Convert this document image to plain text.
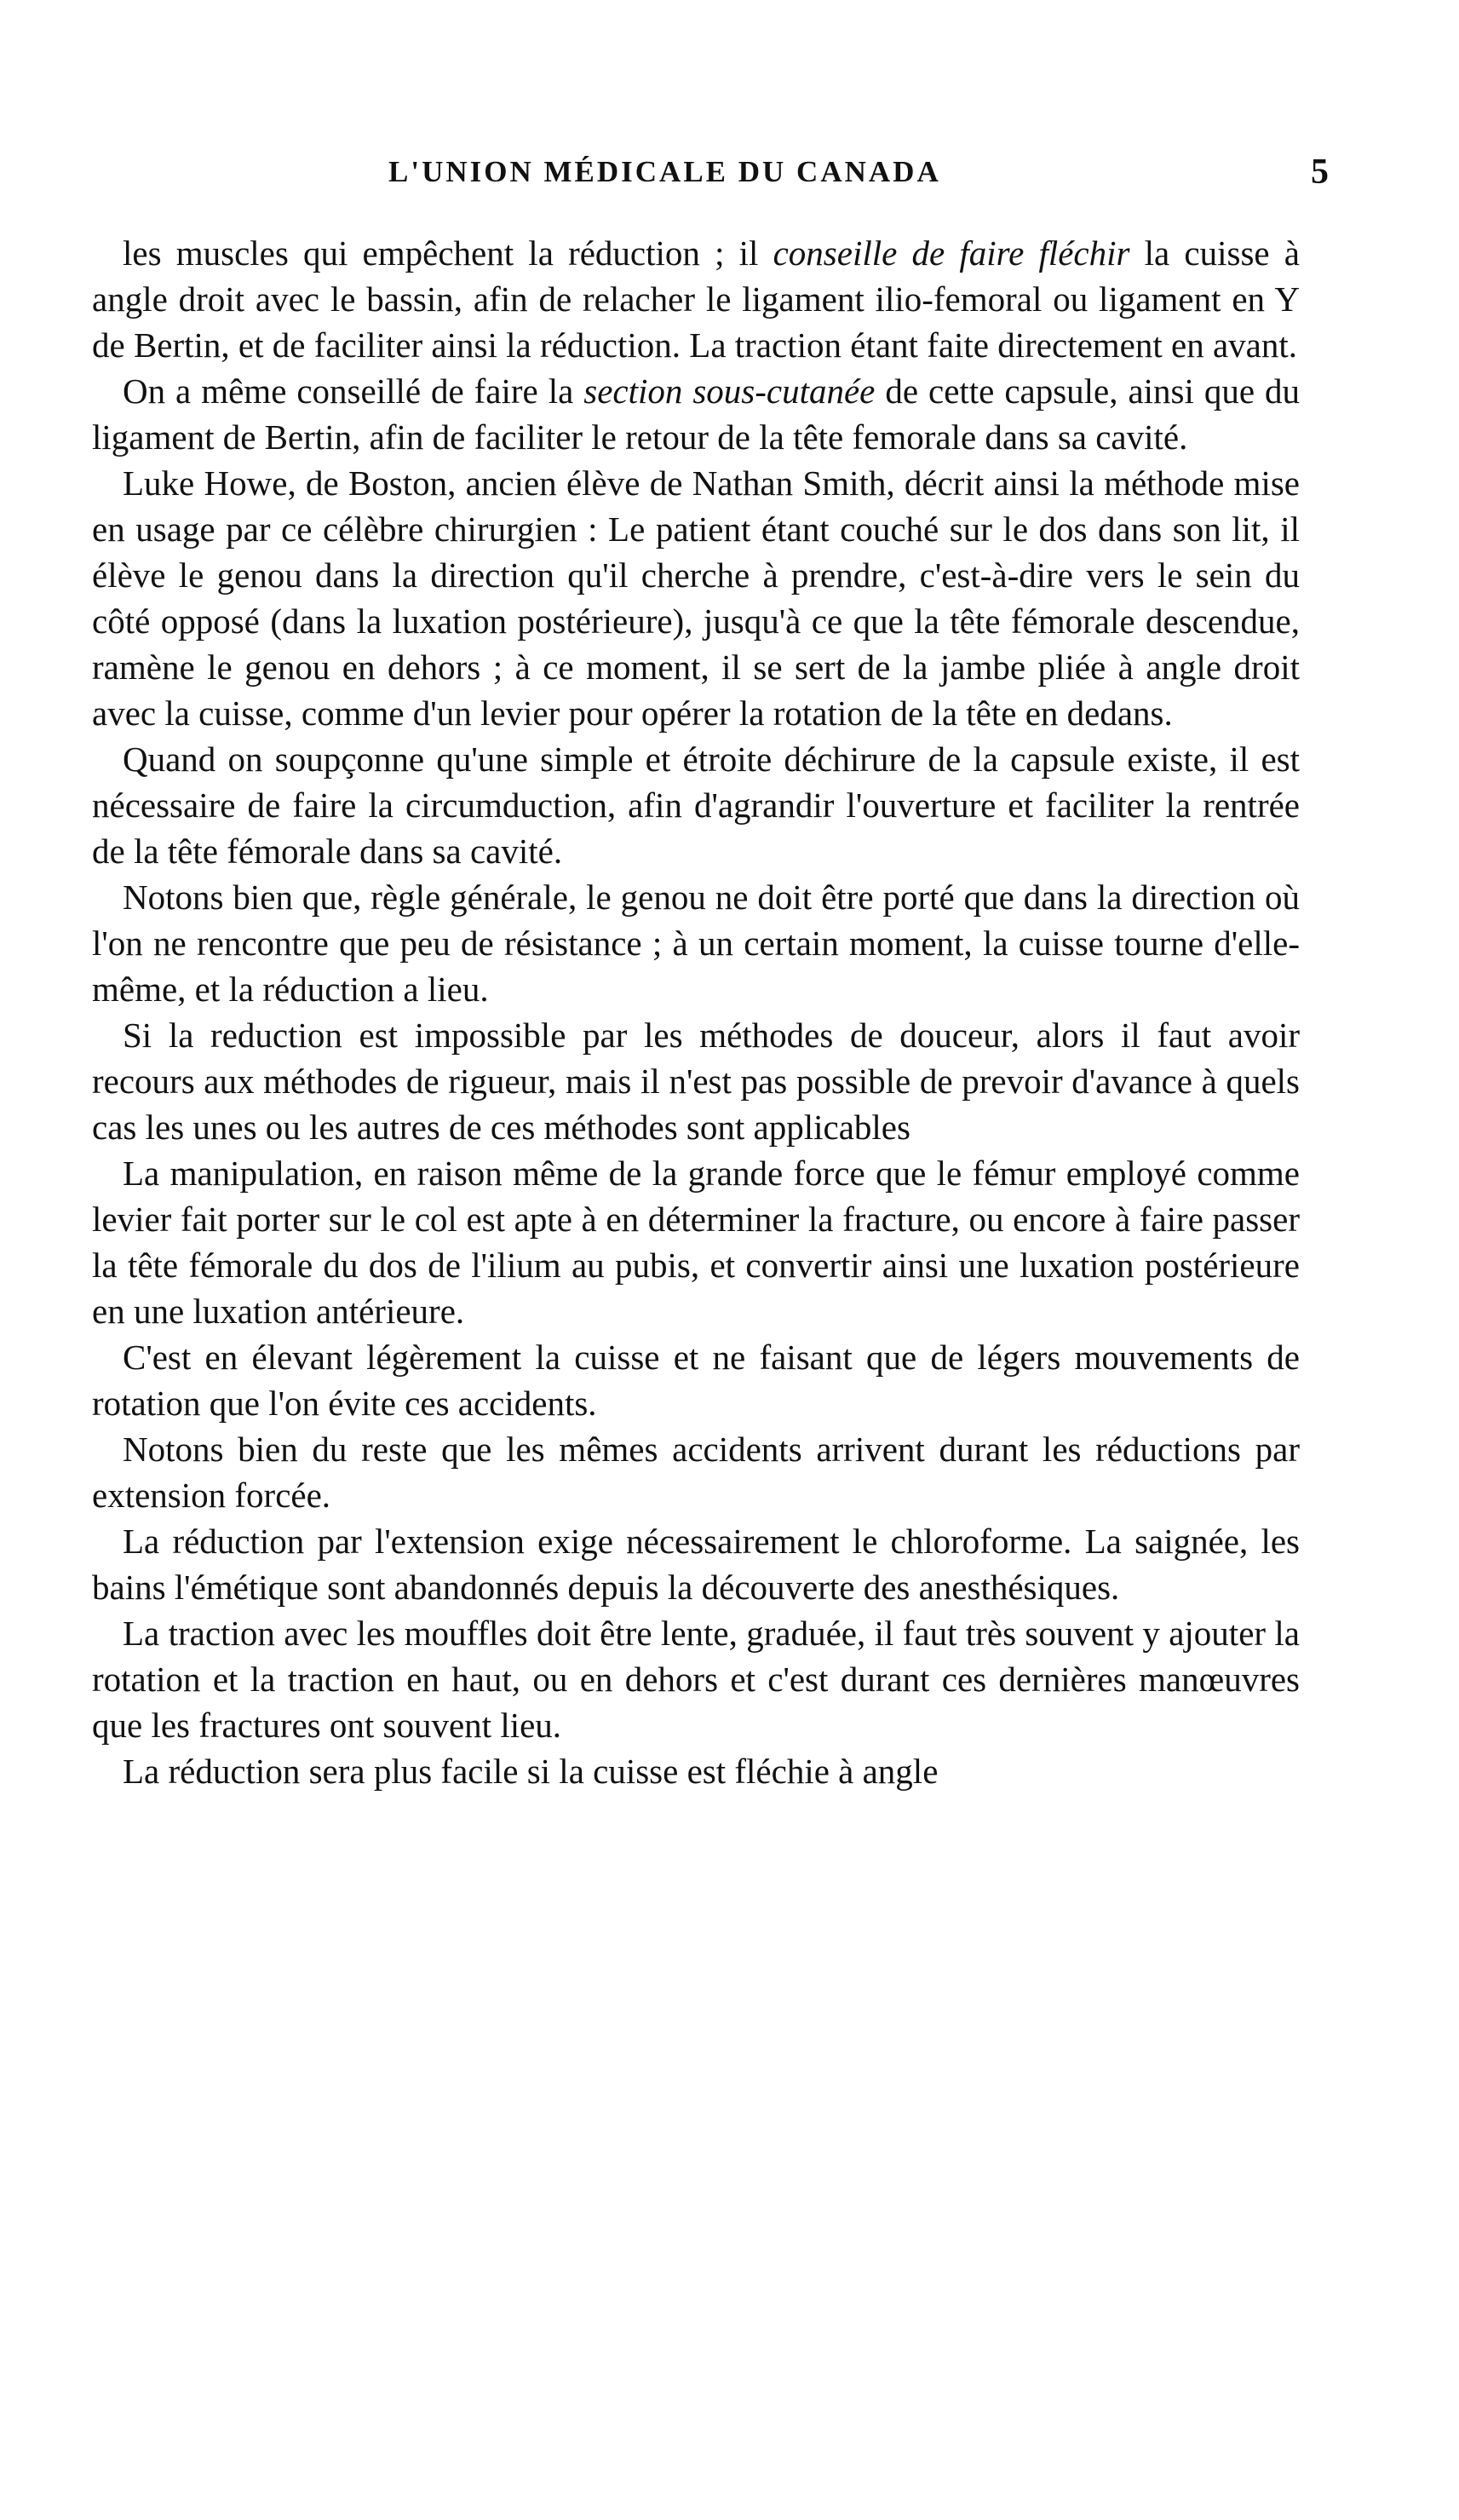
L'UNION MÉDICALE DU CANADA	5

les muscles qui empêchent la réduction ; il conseille de faire fléchir la cuisse à angle droit avec le bassin, afin de relacher le ligament ilio-femoral ou ligament en Y de Bertin, et de faciliter ainsi la réduction. La traction étant faite directement en avant.

On a même conseillé de faire la section sous-cutanée de cette capsule, ainsi que du ligament de Bertin, afin de faciliter le retour de la tête femorale dans sa cavité.

Luke Howe, de Boston, ancien élève de Nathan Smith, décrit ainsi la méthode mise en usage par ce célèbre chirurgien : Le patient étant couché sur le dos dans son lit, il élève le genou dans la direction qu'il cherche à prendre, c'est-à-dire vers le sein du côté opposé (dans la luxation postérieure), jusqu'à ce que la tête fémorale descendue, ramène le genou en dehors ; à ce moment, il se sert de la jambe pliée à angle droit avec la cuisse, comme d'un levier pour opérer la rotation de la tête en dedans.

Quand on soupçonne qu'une simple et étroite déchirure de la capsule existe, il est nécessaire de faire la circumduction, afin d'agrandir l'ouverture et faciliter la rentrée de la tête fémorale dans sa cavité.

Notons bien que, règle générale, le genou ne doit être porté que dans la direction où l'on ne rencontre que peu de résistance ; à un certain moment, la cuisse tourne d'elle-même, et la réduction a lieu.

Si la reduction est impossible par les méthodes de douceur, alors il faut avoir recours aux méthodes de rigueur, mais il n'est pas possible de prevoir d'avance à quels cas les unes ou les autres de ces méthodes sont applicables

La manipulation, en raison même de la grande force que le fémur employé comme levier fait porter sur le col est apte à en déterminer la fracture, ou encore à faire passer la tête fémorale du dos de l'ilium au pubis, et convertir ainsi une luxation postérieure en une luxation antérieure.

C'est en élevant légèrement la cuisse et ne faisant que de légers mouvements de rotation que l'on évite ces accidents.

Notons bien du reste que les mêmes accidents arrivent durant les réductions par extension forcée.

La réduction par l'extension exige nécessairement le chloroforme. La saignée, les bains l'émétique sont abandonnés depuis la découverte des anesthésiques.

La traction avec les mouffles doit être lente, graduée, il faut très souvent y ajouter la rotation et la traction en haut, ou en dehors et c'est durant ces dernières manœuvres que les fractures ont souvent lieu.

La réduction sera plus facile si la cuisse est fléchie à angle
